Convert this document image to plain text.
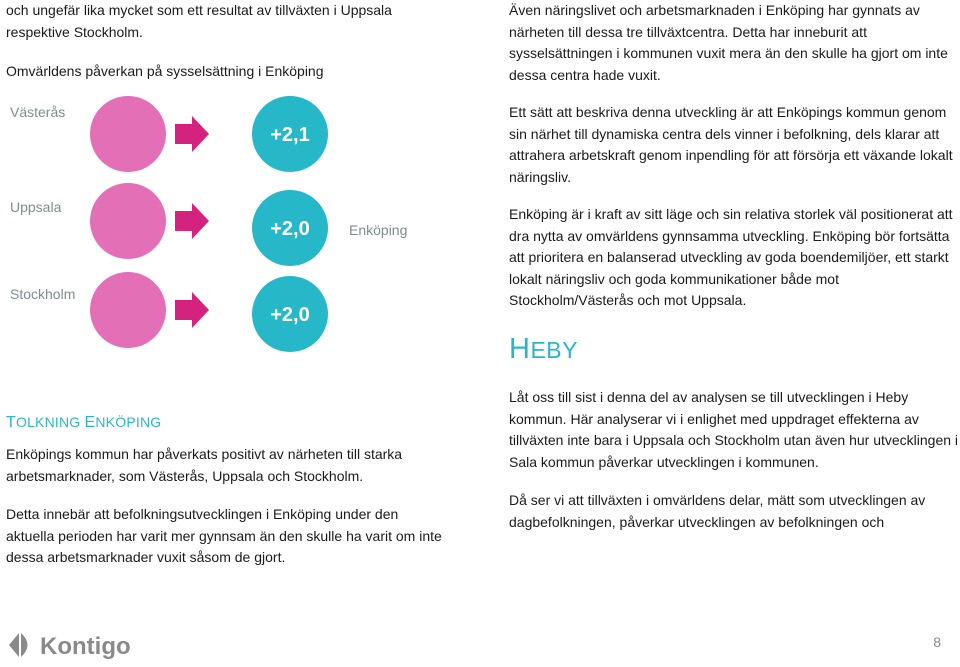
och ungefär lika mycket som ett resultat av tillväxten i Uppsala

respektive Stockholm.

Omvärldens påverkan på sysselsättning i Enköping

Västerås
+2,1
Uppsala
+2,0	Enköping
Stockholm
+2,0

TOLKNING ENKÖPING

Enköpings kommun har påverkats positivt av närheten till starka arbetsmarknader, som Västerås, Uppsala och Stockholm.

Detta innebär att befolkningsutvecklingen i Enköping under den aktuella perioden har varit mer gynnsam än den skulle ha varit om inte dessa arbetsmarknader vuxit såsom de gjort.

Även näringslivet och arbetsmarknaden i Enköping har gynnats av närheten till dessa tre tillväxtcentra. Detta har inneburit att sysselsättningen i kommunen vuxit mera än den skulle ha gjort om inte dessa centra hade vuxit.

Ett sätt att beskriva denna utveckling är att Enköpings kommun genom sin närhet till dynamiska centra dels vinner i befolkning, dels klarar att attrahera arbetskraft genom inpendling för att försörja ett växande lokalt näringsliv.

Enköping är i kraft av sitt läge och sin relativa storlek väl positionerat att dra nytta av omvärldens gynnsamma utveckling. Enköping bör fortsätta att prioritera en balanserad utveckling av goda boendemiljöer, ett starkt lokalt näringsliv och goda kommunikationer både mot Stockholm/Västerås och mot Uppsala.

HEBY

Låt oss till sist i denna del av analysen se till utvecklingen i Heby kommun. Här analyserar vi i enlighet med uppdraget effekterna av tillväxten inte bara i Uppsala och Stockholm utan även hur utvecklingen i Sala kommun påverkar utvecklingen i kommunen.

Då ser vi att tillväxten i omvärldens delar, mätt som utvecklingen av dagbefolkningen, påverkar utvecklingen av befolkningen och

Kontigo	8
